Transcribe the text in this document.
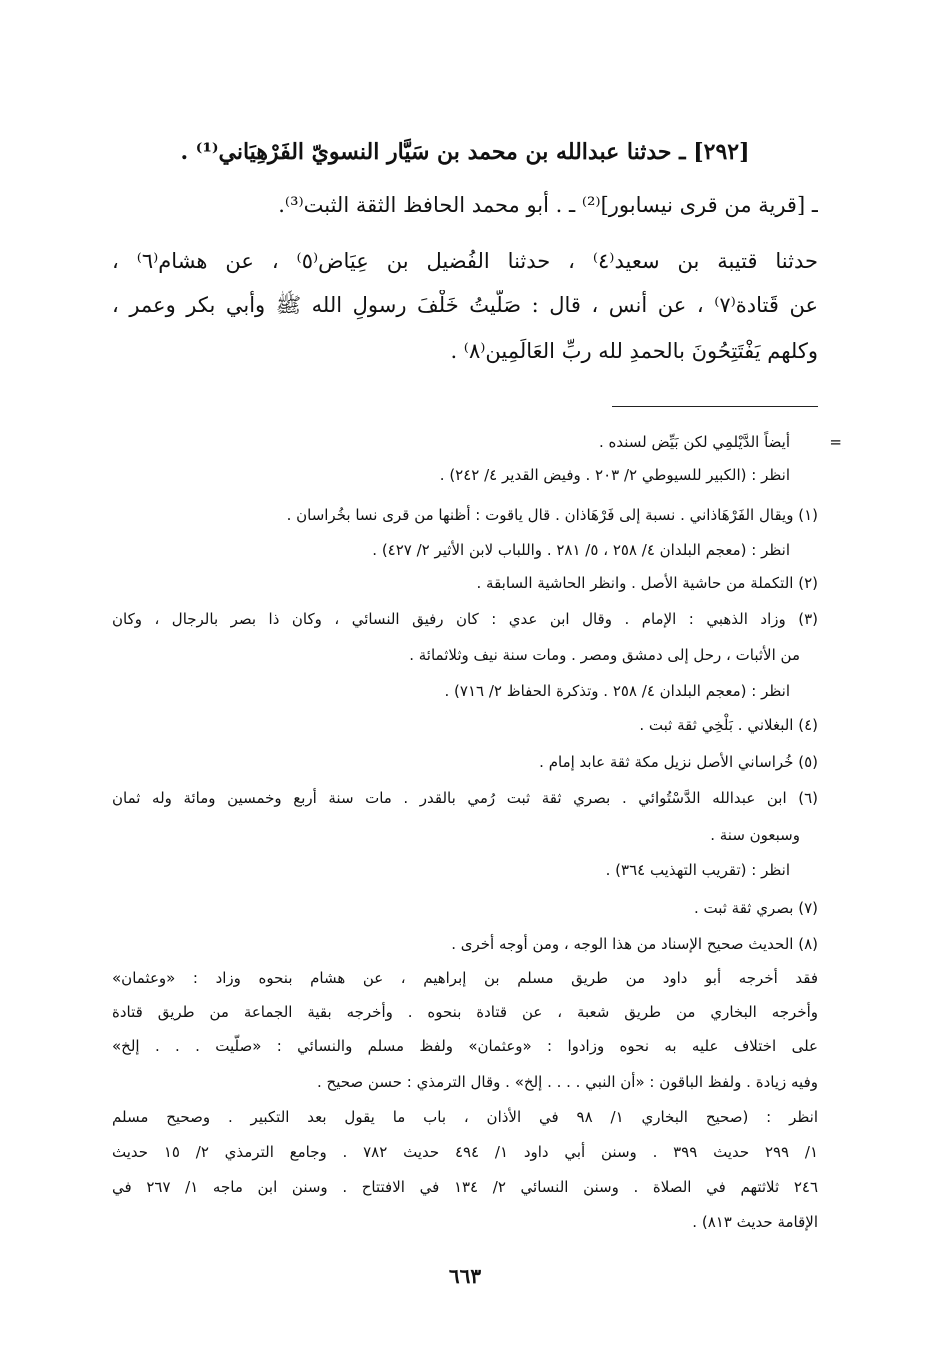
[٢٩٢] ـ حدثنا عبدالله بن محمد بن سَيَّار النسويّ الفَرْهِيَاني⁽¹⁾ .
ـ [قرية من قرى نيسابور]⁽²⁾ ـ . أبو محمد الحافظ الثقة الثبت⁽³⁾.
حدثنا قتيبة بن سعيد⁽٤⁾ ، حدثنا الفُضيل بن عِيَاض⁽٥⁾ ، عن هشام⁽٦⁾ ،
عن قَتادة⁽٧⁾ ، عن أنس ، قال : صَلَّيتُ خَلْفَ رسولِ الله ﷺ وأبي بكر وعمر ،
وكلهم يَفْتَتِحُونَ بالحمدِ لله ربِّ العَالَمِين⁽٨⁾ .
=
أيضاً الدَّيْلمِي لكن بَيِّض لسنده .
انظر : (الكبير للسيوطي ٢/ ٢٠٣ . وفيض القدير ٤/ ٢٤٢) .
(١) ويقال الفَرْهَاذاني . نسبة إلى فَرْهَاذان . قال ياقوت : أظنها من قرى نسا بخُراسان .
انظر : (معجم البلدان ٤/ ٢٥٨ ، ٥/ ٢٨١ . واللباب لابن الأثير ٢/ ٤٢٧) .
(٢) التكملة من حاشية الأصل . وانظر الحاشية السابقة .
(٣) وزاد الذهبي : الإمام . وقال ابن عدي : كان رفيق النسائي ، وكان ذا بصر بالرجال ، وكان
من الأثبات ، رحل إلى دمشق ومصر . ومات سنة نيف وثلاثمائة .
انظر : (معجم البلدان ٤/ ٢٥٨ . وتذكرة الحفاظ ٢/ ٧١٦) .
(٤) البغلاني . بَلْخِي ثقة ثبت .
(٥) خُراساني الأصل نزيل مكة ثقة عابد إمام .
(٦) ابن عبدالله الدَّسْتُوائي . بصري ثقة ثبت رُمي بالقدر . مات سنة أربع وخمسين ومائة وله ثمان
وسبعون سنة .
انظر : (تقريب التهذيب ٣٦٤) .
(٧) بصري ثقة ثبت .
(٨) الحديث صحيح الإسناد من هذا الوجه ، ومن أوجه أخرى .
فقد أخرجه أبو داود من طريق مسلم بن إبراهيم ، عن هشام بنحوه وزاد : «وعثمان»
وأخرجه البخاري من طريق شعبة ، عن قتادة بنحوه . وأخرجه بقية الجماعة من طريق قتادة
على اختلاف عليه به نحوه وزادوا : «وعثمان» ولفظ مسلم والنسائي : «صلّيت . . . إلخ»
وفيه زيادة . ولفظ الباقون : «أن النبي . . . . إلخ» . وقال الترمذي : حسن صحيح .
انظر : (صحيح البخاري ١/ ٩٨ في الأذان ، باب ما يقول بعد التكبير . وصحيح مسلم
١/ ٢٩٩ حديث ٣٩٩ . وسنن أبي داود ١/ ٤٩٤ حديث ٧٨٢ . وجامع الترمذي ٢/ ١٥ حديث
٢٤٦ ثلاثتهم في الصلاة . وسنن النسائي ٢/ ١٣٤ في الافتتاح . وسنن ابن ماجه ١/ ٢٦٧ في
الإقامة حديث ٨١٣) .
٦٦٣
